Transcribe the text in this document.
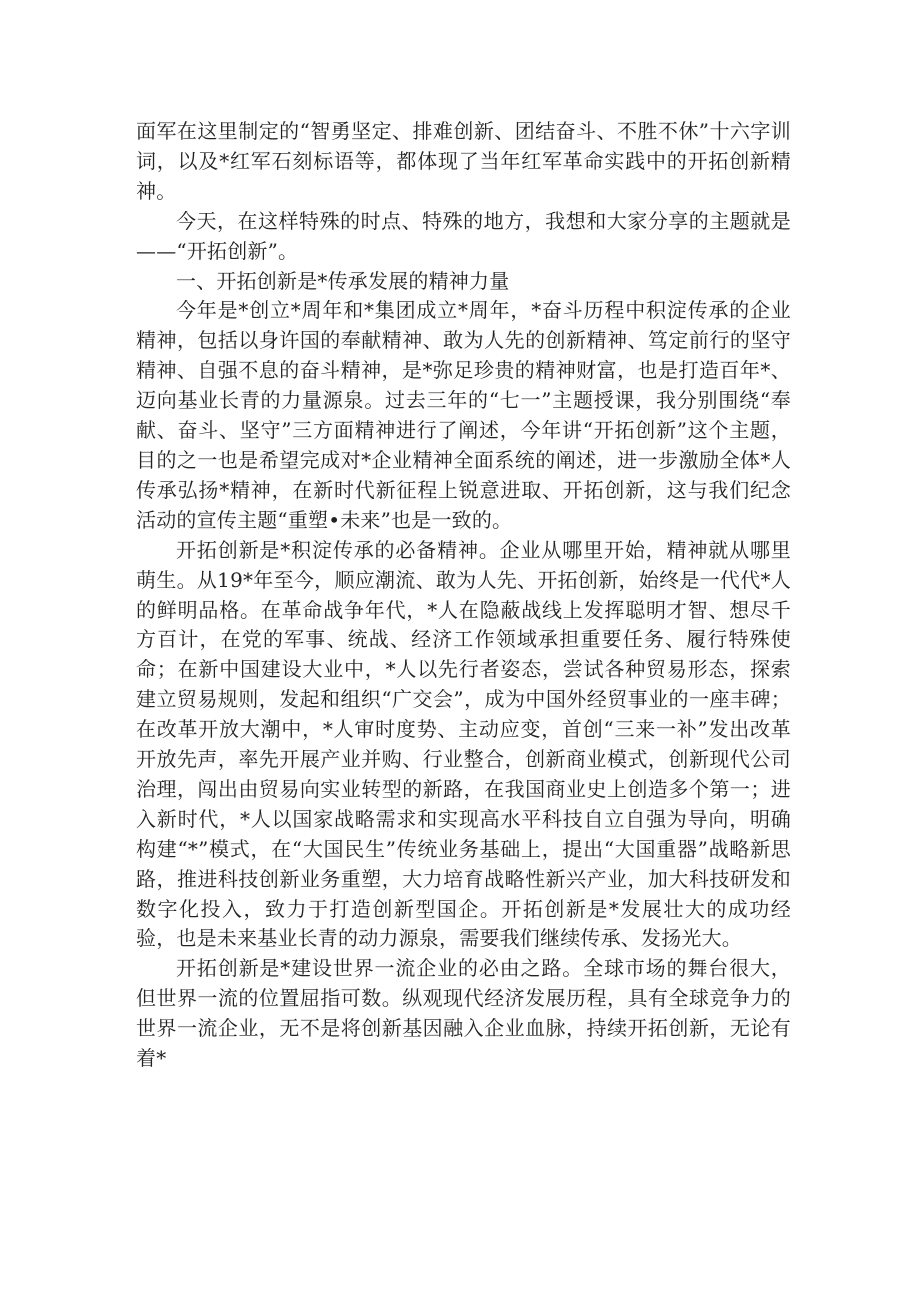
面军在这里制定的“智勇坚定、排难创新、团结奋斗、不胜不休”十六字训词，以及*红军石刻标语等，都体现了当年红军革命实践中的开拓创新精神。

今天，在这样特殊的时点、特殊的地方，我想和大家分享的主题就是——“开拓创新”。

一、开拓创新是*传承发展的精神力量

今年是*创立*周年和*集团成立*周年，*奋斗历程中积淀传承的企业精神，包括以身许国的奉献精神、敢为人先的创新精神、笃定前行的坚守精神、自强不息的奋斗精神，是*弥足珍贵的精神财富，也是打造百年*、迈向基业长青的力量源泉。过去三年的“七一”主题授课，我分别围绕“奉献、奋斗、坚守”三方面精神进行了阐述，今年讲“开拓创新”这个主题，目的之一也是希望完成对*企业精神全面系统的阐述，进一步激励全体*人传承弘扬*精神，在新时代新征程上锐意进取、开拓创新，这与我们纪念活动的宣传主题“重塑•未来”也是一致的。

开拓创新是*积淀传承的必备精神。企业从哪里开始，精神就从哪里萌生。从19*年至今，顺应潮流、敢为人先、开拓创新，始终是一代代*人的鲜明品格。在革命战争年代，*人在隐蔽战线上发挥聪明才智、想尽千方百计，在党的军事、统战、经济工作领域承担重要任务、履行特殊使命；在新中国建设大业中，*人以先行者姿态，尝试各种贸易形态，探索建立贸易规则，发起和组织“广交会”，成为中国外经贸事业的一座丰碑；在改革开放大潮中，*人审时度势、主动应变，首创“三来一补”发出改革开放先声，率先开展产业并购、行业整合，创新商业模式，创新现代公司治理，闯出由贸易向实业转型的新路，在我国商业史上创造多个第一；进入新时代，*人以国家战略需求和实现高水平科技自立自强为导向，明确构建“*”模式，在“大国民生”传统业务基础上，提出“大国重器”战略新思路，推进科技创新业务重塑，大力培育战略性新兴产业，加大科技研发和数字化投入，致力于打造创新型国企。开拓创新是*发展壮大的成功经验，也是未来基业长青的动力源泉，需要我们继续传承、发扬光大。

开拓创新是*建设世界一流企业的必由之路。全球市场的舞台很大，但世界一流的位置屈指可数。纵观现代经济发展历程，具有全球竞争力的世界一流企业，无不是将创新基因融入企业血脉，持续开拓创新，无论有着*
